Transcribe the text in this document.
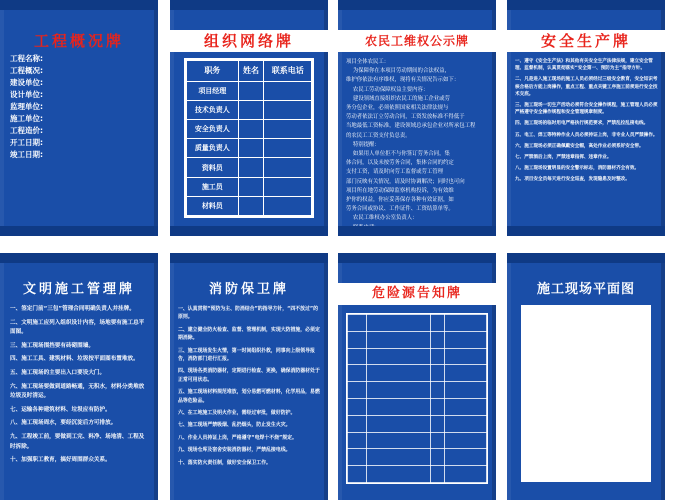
工程概况牌
工程名称:
工程概况:
建设单位:
设计单位:
监理单位:
施工单位:
工程造价:
开工日期:
竣工日期:
组织网络牌
职务	姓名	联系电话
项目经理		
技术负责人		
安全负责人		
质量负责人		
资料员		
施工员		
材料员		
农民工维权公示牌
项目全体农民工：
为保障你在本项目劳动期间的合法权益，
维护你依法有序维权，现将有关情况告示如下：
农民工劳动保障权益主要内容：
建设领域直接组织农民工的施工企业或劳
务分包企业，必须依照国家相关法律法规与
劳动者依法订立劳动合同，工资发放标准不得低于
当地最低工资标准，建设领域总承包企业对所承包工程
的农民工工资支付负总责。
特别提醒：
如果用人单位拒不与你签订劳务合同，集
体合同，以及未按劳务合同，集体合同的约定
支付工资，请及时向劳工监督或劳工管理
部门反映有关情况，请及时协调解决；同时也可向
项目所在地劳动保障监察机构投诉，为有效维
护你的权益，你应妥善保存各种有效证据，如
劳务合同或协议、工作证件、工资结算单等。
农民工维权办公室负责人：

安全生产牌
一、遵守《安全生产法》和其他有关安全生产法律法规，建立安全管理、监督机制，认真贯彻落实“安全第一、预防为主”指导方针。
二、凡是进入施工现场的施工人员必须经过三级安全教育，安全知识考核合格后方能上岗操作，重点工程、重点关键工序施工前须进行安全技术交底。
三、施工现场一切生产活动必须符合安全操作规程，施工管理人员必须严格遵守安全操作规程和安全管理规章制度。
四、施工现场的临时用电严格执行规范要求，严禁乱拉乱接电线。
五、电工、焊工等特种作业人员必须持证上岗，非专业人员严禁操作。
六、施工现场必须正确佩戴安全帽，高处作业必须系好安全带。
七、严禁酒后上岗，严禁违章指挥、违章作业。
八、施工现场设置明显的安全警示标志，消防器材齐全有效。
九、项目安全员每天进行安全巡查，发现隐患及时整改。
文明施工管理牌
一、签定门前“三包”管理合同明确负责人并挂牌。
二、文明施工应列入组织设计内容，场地要有施工总平面图。
三、施工现场围挡要有砖砌围墙。
四、施工工具、建筑材料、垃圾按平面图布置堆放。
五、施工现场的主要出入口要设大门。
六、施工现场要做到道路畅通，无积水，材料分类堆放垃圾及时清运。
七、运输各种建筑材料、垃圾应有防护。
八、施工现场周水，要经沉淀后方可排放。
九、工程竣工前，要做到工完、料净、场地清、工程及时拆除。
十、加强职工教育，搞好周围群众关系。
消防保卫牌
一、认真贯彻“预防为主、防消结合”的指导方针，“四不放过”的原则。
二、建立健全防火检查、监督、管理机制，实现大防措施，必须定期消除。
三、施工现场发生火情，第一时间组织扑救，同事向上级领导报告，消防部门进行汇报。
四、现场各类消防器材，定期进行检查、更换，确保消防器材处于正常可用状态。
五、施工现场材料规范堆放，划分易燃可燃材料，化学用品，易燃品等危险品。
六、在工地施工及明火作业，需经过审批，做好防护。
七、施工现场严禁吸烟、乱扔烟头，防止发生火灾。
八、作业人员持证上岗，严格遵守“电焊十不烧”规定。
九、现场仓库及宿舍安装消防器材，严禁乱接电线。
十、落实防火责任制，做好安全保卫工作。
危险源告知牌

				施工现场平面图
